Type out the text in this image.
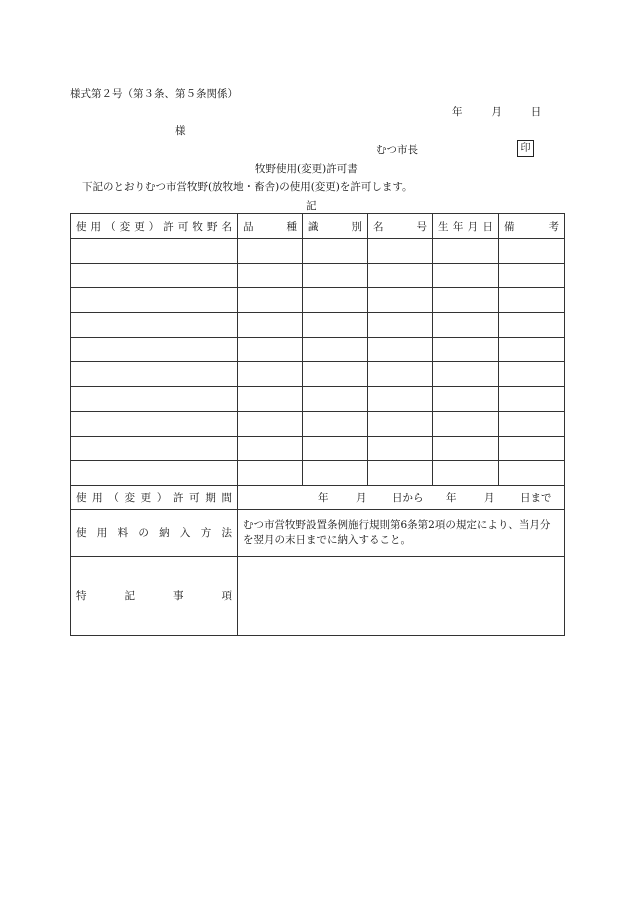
様式第２号（第３条、第５条関係）
年	月	日
様
むつ市長	印
牧野使用(変更)許可書
下記のとおりむつ市営牧野(放牧地・畜舎)の使用(変更)を許可します。
記
使用（変更）許可牧野名	品種	識別	名号	生年月日	備考

使用（変更）許可期間	年 月 日から 年 月 日まで				
使用料の納入方法	むつ市営牧野設置条例施行規則第6条第2項の規定により、当月分を翌月の末日までに納入すること。				
特記事項					
